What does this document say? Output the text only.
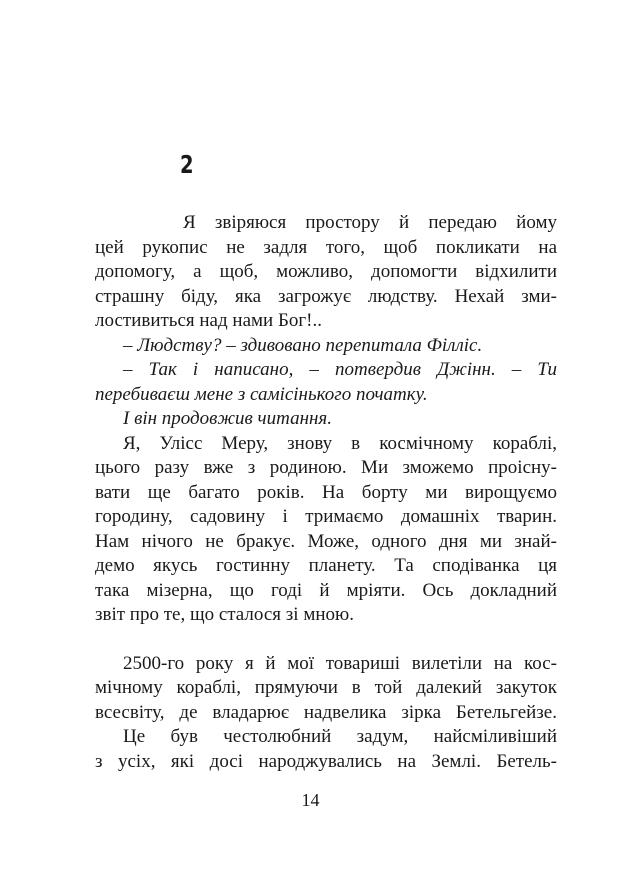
2
Я звіряюся простору й передаю йому
цей рукопис не задля того, щоб покликати на
допомогу, а щоб, можливо, допомогти відхилити
страшну біду, яка загрожує людству. Нехай зми-
лостивиться над нами Бог!..
– Людству? – здивовано перепитала Філліс.
– Так і написано, – потвердив Джінн. – Ти
перебиваєш мене з самісінького початку.
І він продовжив читання.
Я, Улісс Меру, знову в космічному кораблі,
цього разу вже з родиною. Ми зможемо проісну-
вати ще багато років. На борту ми вирощуємо
городину, садовину і тримаємо домашніх тварин.
Нам нічого не бракує. Може, одного дня ми знай-
демо якусь гостинну планету. Та сподіванка ця
така мізерна, що годі й мріяти. Ось докладний
звіт про те, що сталося зі мною.
2500-го року я й мої товариші вилетіли на кос-
мічному кораблі, прямуючи в той далекий закуток
всесвіту, де владарює надвелика зірка Бетельгейзе.
Це був честолюбний задум, найсміливіший
з усіх, які досі народжувались на Землі. Бетель-
14
